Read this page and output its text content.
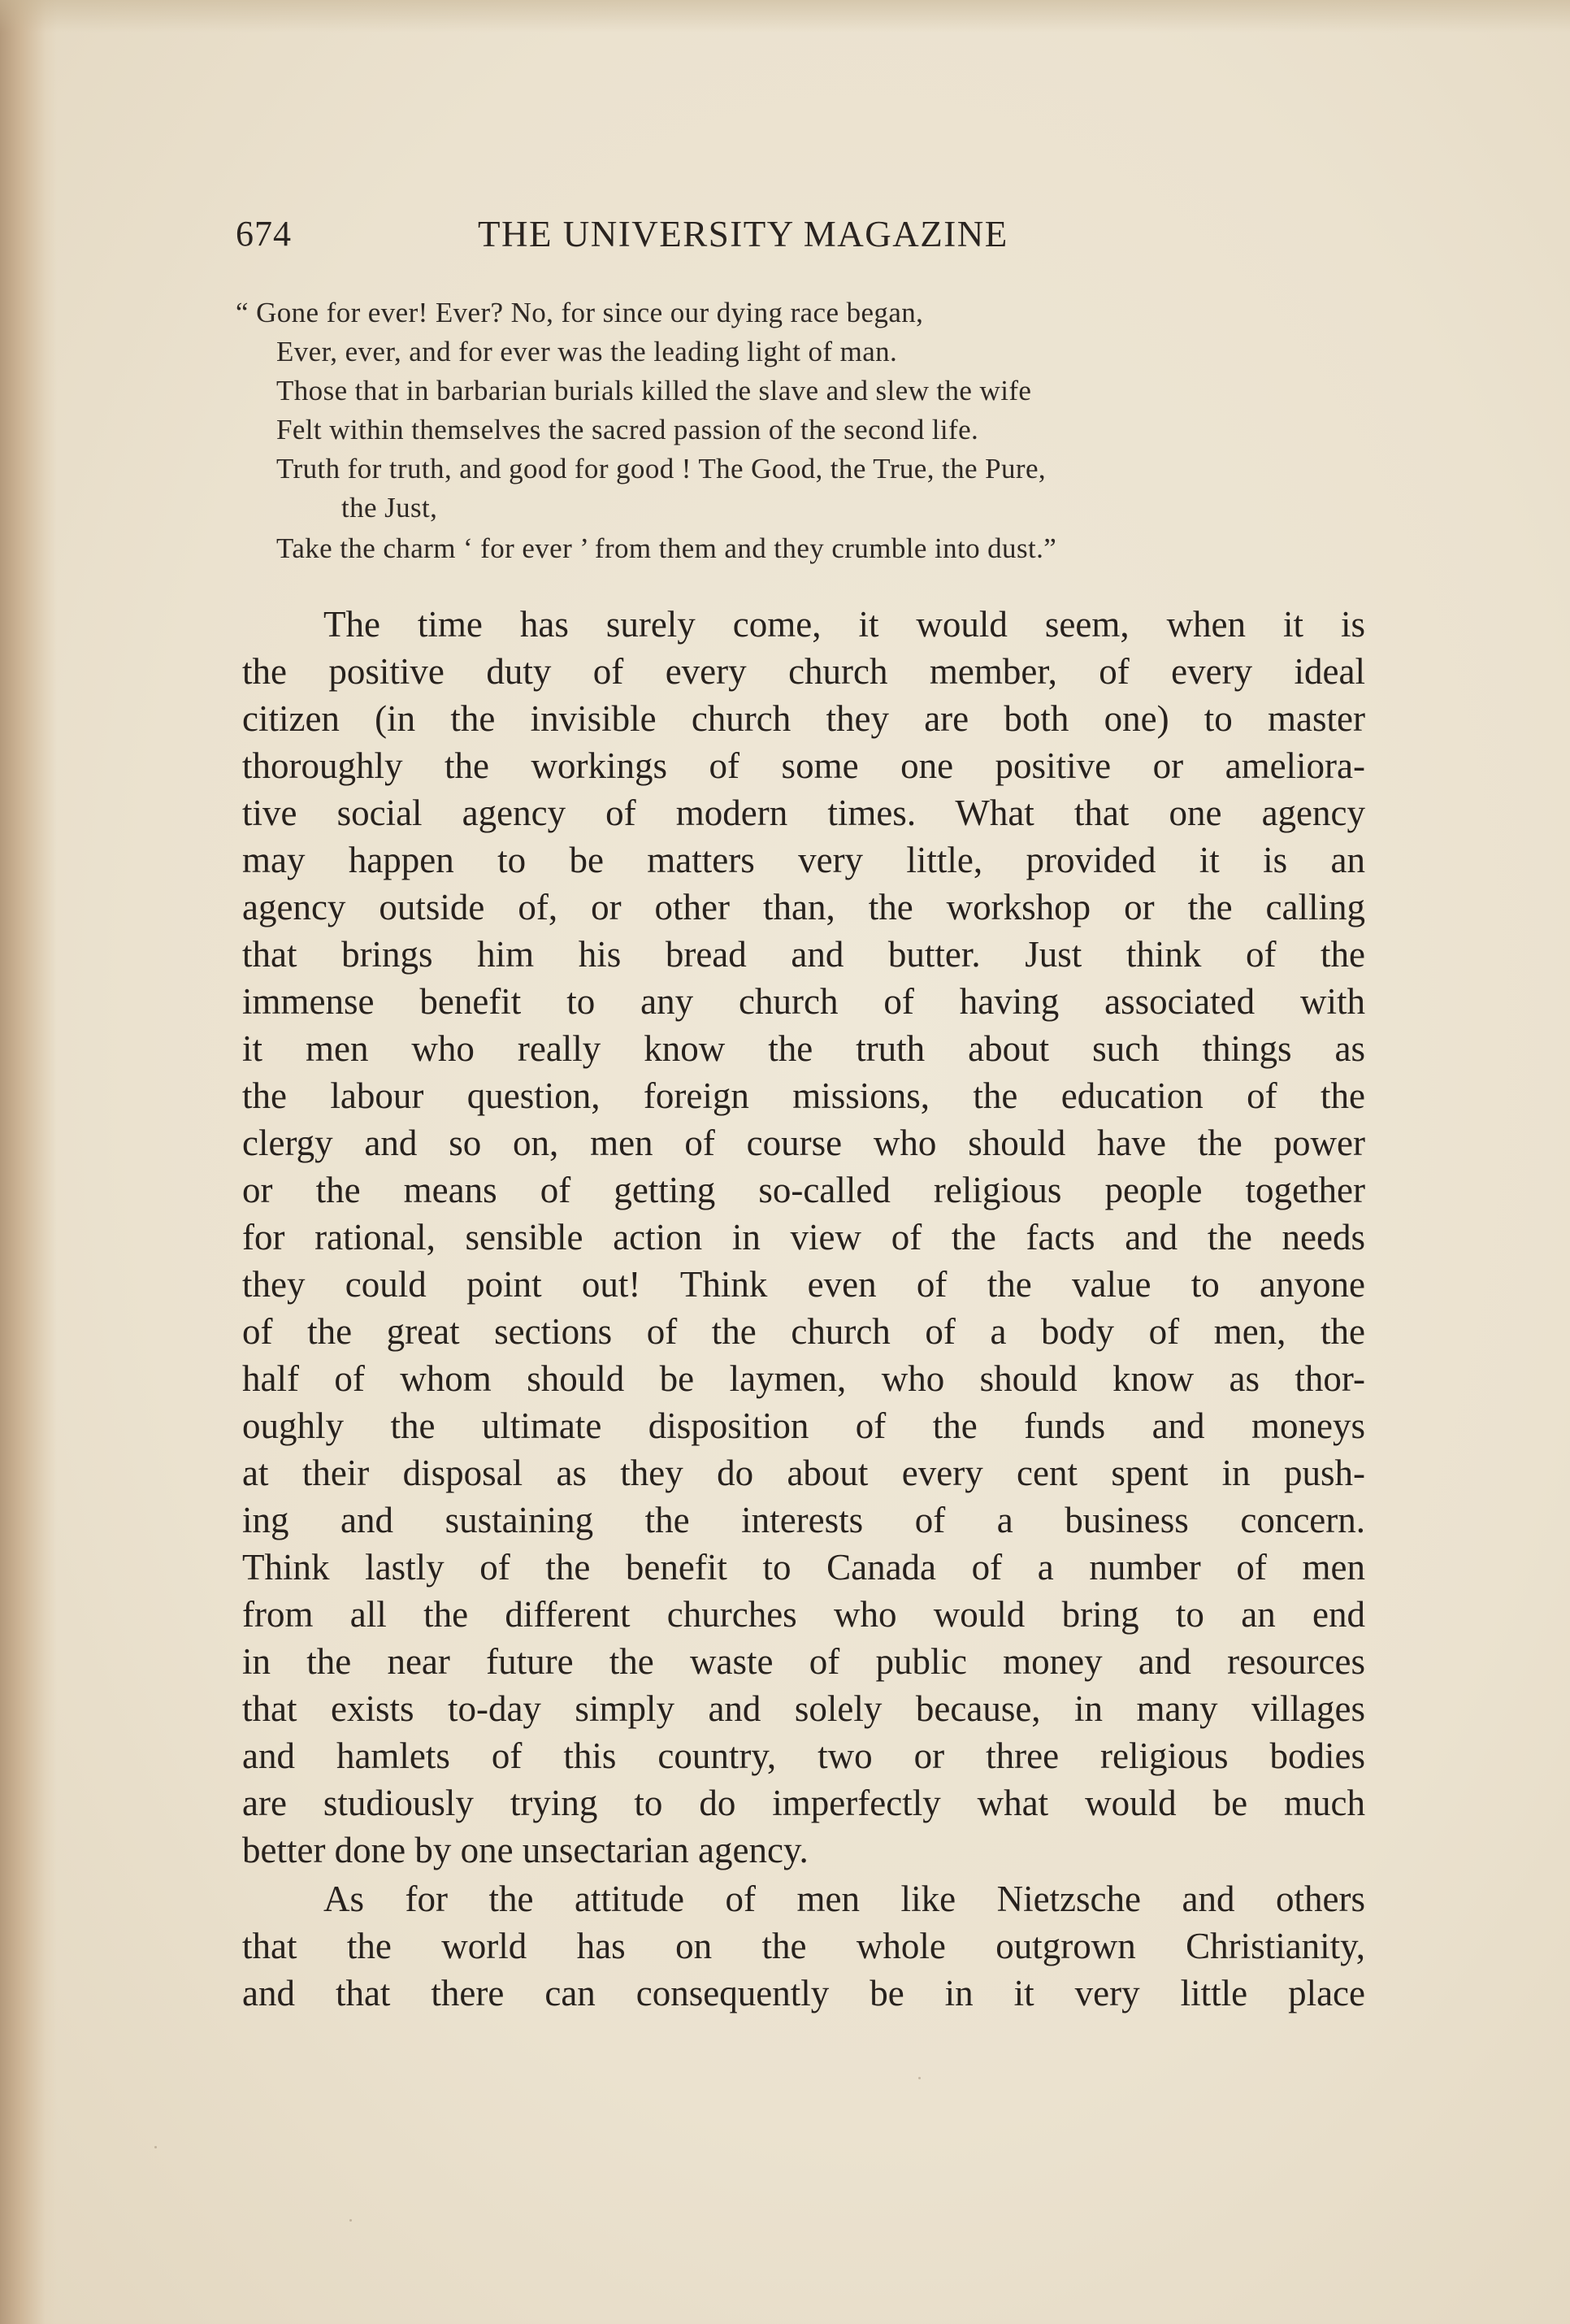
674	THE UNIVERSITY MAGAZINE
“ Gone for ever! Ever? No, for since our dying race began,
Ever, ever, and for ever was the leading light of man.
Those that in barbarian burials killed the slave and slew the wife
Felt within themselves the sacred passion of the second life.
Truth for truth, and good for good ! The Good, the True, the Pure,
the Just,
Take the charm ‘ for ever ’ from them and they crumble into dust.”
The time has surely come, it would seem, when it is
the positive duty of every church member, of every ideal
citizen (in the invisible church they are both one) to master
thoroughly the workings of some one positive or ameliora-
tive social agency of modern times. What that one agency
may happen to be matters very little, provided it is an
agency outside of, or other than, the workshop or the calling
that brings him his bread and butter. Just think of the
immense benefit to any church of having associated with
it men who really know the truth about such things as
the labour question, foreign missions, the education of the
clergy and so on, men of course who should have the power
or the means of getting so-called religious people together
for rational, sensible action in view of the facts and the needs
they could point out! Think even of the value to anyone
of the great sections of the church of a body of men, the
half of whom should be laymen, who should know as thor-
oughly the ultimate disposition of the funds and moneys
at their disposal as they do about every cent spent in push-
ing and sustaining the interests of a business concern.
Think lastly of the benefit to Canada of a number of men
from all the different churches who would bring to an end
in the near future the waste of public money and resources
that exists to-day simply and solely because, in many villages
and hamlets of this country, two or three religious bodies
are studiously trying to do imperfectly what would be much
better done by one unsectarian agency.
As for the attitude of men like Nietzsche and others
that the world has on the whole outgrown Christianity,
and that there can consequently be in it very little place
